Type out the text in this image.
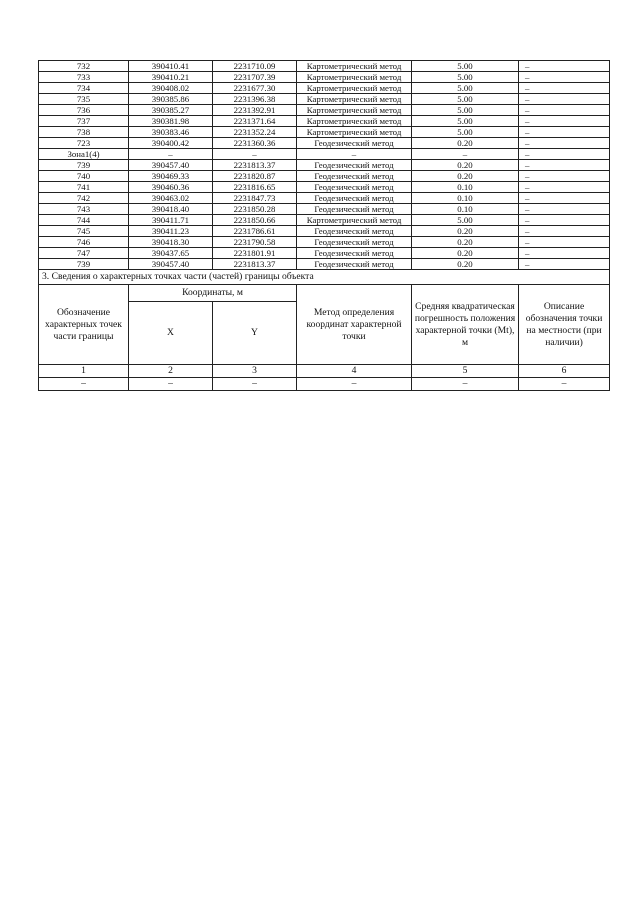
732	390410.41	2231710.09	Картометрический метод	5.00	–
733	390410.21	2231707.39	Картометрический метод	5.00	–
734	390408.02	2231677.30	Картометрический метод	5.00	–
735	390385.86	2231396.38	Картометрический метод	5.00	–
736	390385.27	2231392.91	Картометрический метод	5.00	–
737	390381.98	2231371.64	Картометрический метод	5.00	–
738	390383.46	2231352.24	Картометрический метод	5.00	–
723	390400.42	2231360.36	Геодезический метод	0.20	–
Зона1(4)	–	–	–	–	–
739	390457.40	2231813.37	Геодезический метод	0.20	–
740	390469.33	2231820.87	Геодезический метод	0.20	–
741	390460.36	2231816.65	Геодезический метод	0.10	–
742	390463.02	2231847.73	Геодезический метод	0.10	–
743	390418.40	2231850.28	Геодезический метод	0.10	–
744	390411.71	2231850.66	Картометрический метод	5.00	–
745	390411.23	2231786.61	Геодезический метод	0.20	–
746	390418.30	2231790.58	Геодезический метод	0.20	–
747	390437.65	2231801.91	Геодезический метод	0.20	–
739	390457.40	2231813.37	Геодезический метод	0.20	–
3. Сведения о характерных точках части (частей) границы объекта					
Обозначение характерных точек части границы	Координаты, м		Метод определения координат характерной точки	Средняя квадратическая погрешность положения характерной точки (Mt), м	Описание обозначения точки на местности (при наличии)
	X	Y			
1	2	3	4	5	6
–	–	–	–	–	–
